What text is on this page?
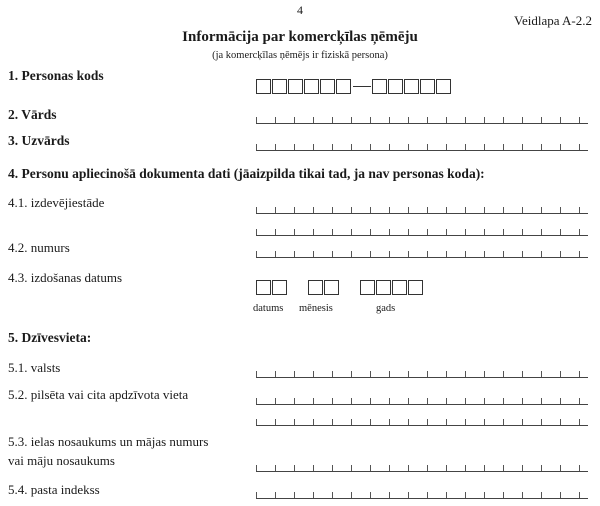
4
Veidlapa A-2.2
Informācija par komercķīlas ņēmēju
(ja komercķīlas ņēmējs ir fiziskā persona)
1. Personas kods
2. Vārds
3. Uzvārds
4. Personu apliecinošā dokumenta dati (jāaizpilda tikai tad, ja nav personas koda):
4.1. izdevējiestāde
4.2. numurs
4.3. izdošanas datums
datums mēnesis	gads
5. Dzīvesvieta:
5.1. valsts
5.2. pilsēta vai cita apdzīvota vieta
5.3. ielas nosaukums un mājas numurs
vai māju nosaukums
5.4. pasta indekss
